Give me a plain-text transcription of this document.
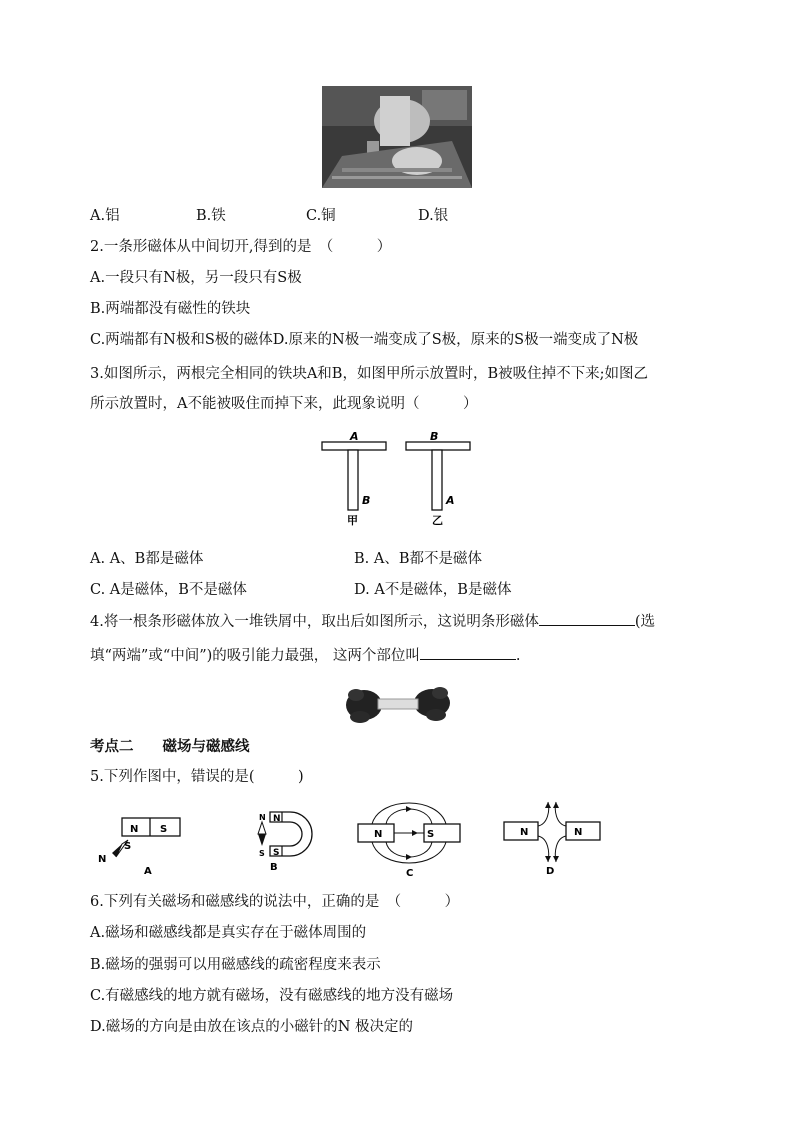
A.铝	B.铁	C.铜	D.银
2.一条形磁体从中间切开,得到的是　（　　　）
A.一段只有N极，另一段只有S极
B.两端都没有磁性的铁块
C.两端都有N极和S极的磁体D.原来的N极一端变成了S极，原来的S极一端变成了N极
3.如图所示，两根完全相同的铁块A和B，如图甲所示放置时，B被吸住掉不下来;如图乙
所示放置时，A不能被吸住而掉下来，此现象说明（　　　）
A
B
甲
B
A
乙
A. A、B都是磁体	B. A、B都不是磁体
C. A是磁体，B不是磁体	D. A不是磁体，B是磁体
4.将一根条形磁体放入一堆铁屑中，取出后如图所示，这说明条形磁体	(选
填“两端”或“中间”)的吸引能力最强， 这两个部位叫	.
考点二　　磁场与磁感线
5.下列作图中，错误的是(　　　)
N S
S
N
A
N
S
N
S
B
N	S
C
N	N
D
6.下列有关磁场和磁感线的说法中，正确的是　（　　　）
A.磁场和磁感线都是真实存在于磁体周围的
B.磁场的强弱可以用磁感线的疏密程度来表示
C.有磁感线的地方就有磁场，没有磁感线的地方没有磁场
D.磁场的方向是由放在该点的小磁针的N 极决定的
